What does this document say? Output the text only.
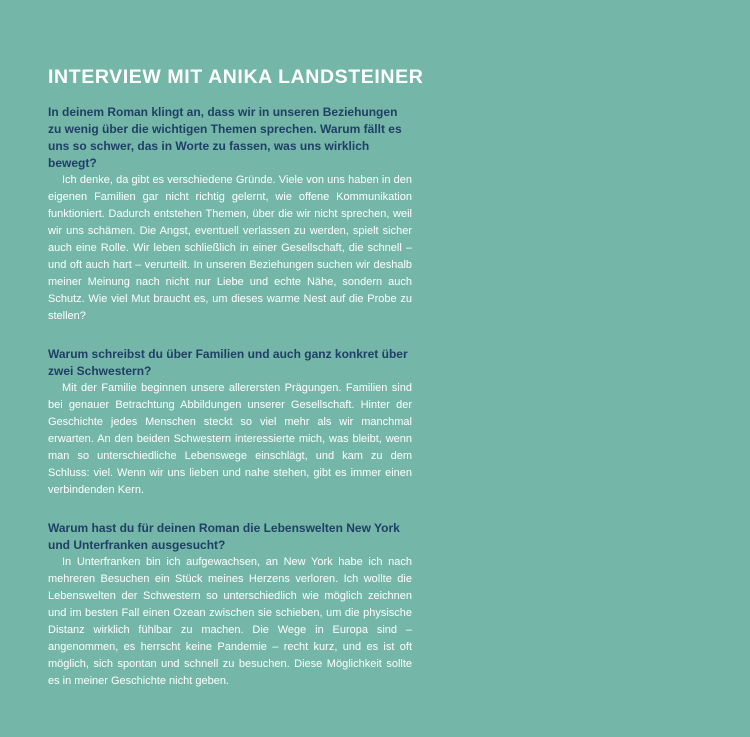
INTERVIEW MIT ANIKA LANDSTEINER

In deinem Roman klingt an, dass wir in unseren Beziehungen zu wenig über die wichtigen Themen sprechen. Warum fällt es uns so schwer, das in Worte zu fassen, was uns wirklich bewegt?

Ich denke, da gibt es verschiedene Gründe. Viele von uns haben in den eigenen Familien gar nicht richtig gelernt, wie offene Kommunikation funktioniert. Dadurch entstehen Themen, über die wir nicht sprechen, weil wir uns schämen. Die Angst, eventuell verlassen zu werden, spielt sicher auch eine Rolle. Wir leben schließlich in einer Gesellschaft, die schnell – und oft auch hart – verurteilt. In unseren Beziehungen suchen wir deshalb meiner Meinung nach nicht nur Liebe und echte Nähe, sondern auch Schutz. Wie viel Mut braucht es, um dieses warme Nest auf die Probe zu stellen?

Warum schreibst du über Familien und auch ganz konkret über zwei Schwestern?

Mit der Familie beginnen unsere allerersten Prägungen. Familien sind bei genauer Betrachtung Abbildungen unserer Gesellschaft. Hinter der Geschichte jedes Menschen steckt so viel mehr als wir manchmal erwarten. An den beiden Schwestern interessierte mich, was bleibt, wenn man so unterschiedliche Lebenswege einschlägt, und kam zu dem Schluss: viel. Wenn wir uns lieben und nahe stehen, gibt es immer einen verbindenden Kern.

Warum hast du für deinen Roman die Lebenswelten New York und Unterfranken ausgesucht?

In Unterfranken bin ich aufgewachsen, an New York habe ich nach mehreren Besuchen ein Stück meines Herzens verloren. Ich wollte die Lebenswelten der Schwestern so unterschiedlich wie möglich zeichnen und im besten Fall einen Ozean zwischen sie schieben, um die physische Distanz wirklich fühlbar zu machen. Die Wege in Europa sind – angenommen, es herrscht keine Pandemie – recht kurz, und es ist oft möglich, sich spontan und schnell zu besuchen. Diese Möglichkeit sollte es in meiner Geschichte nicht geben.
